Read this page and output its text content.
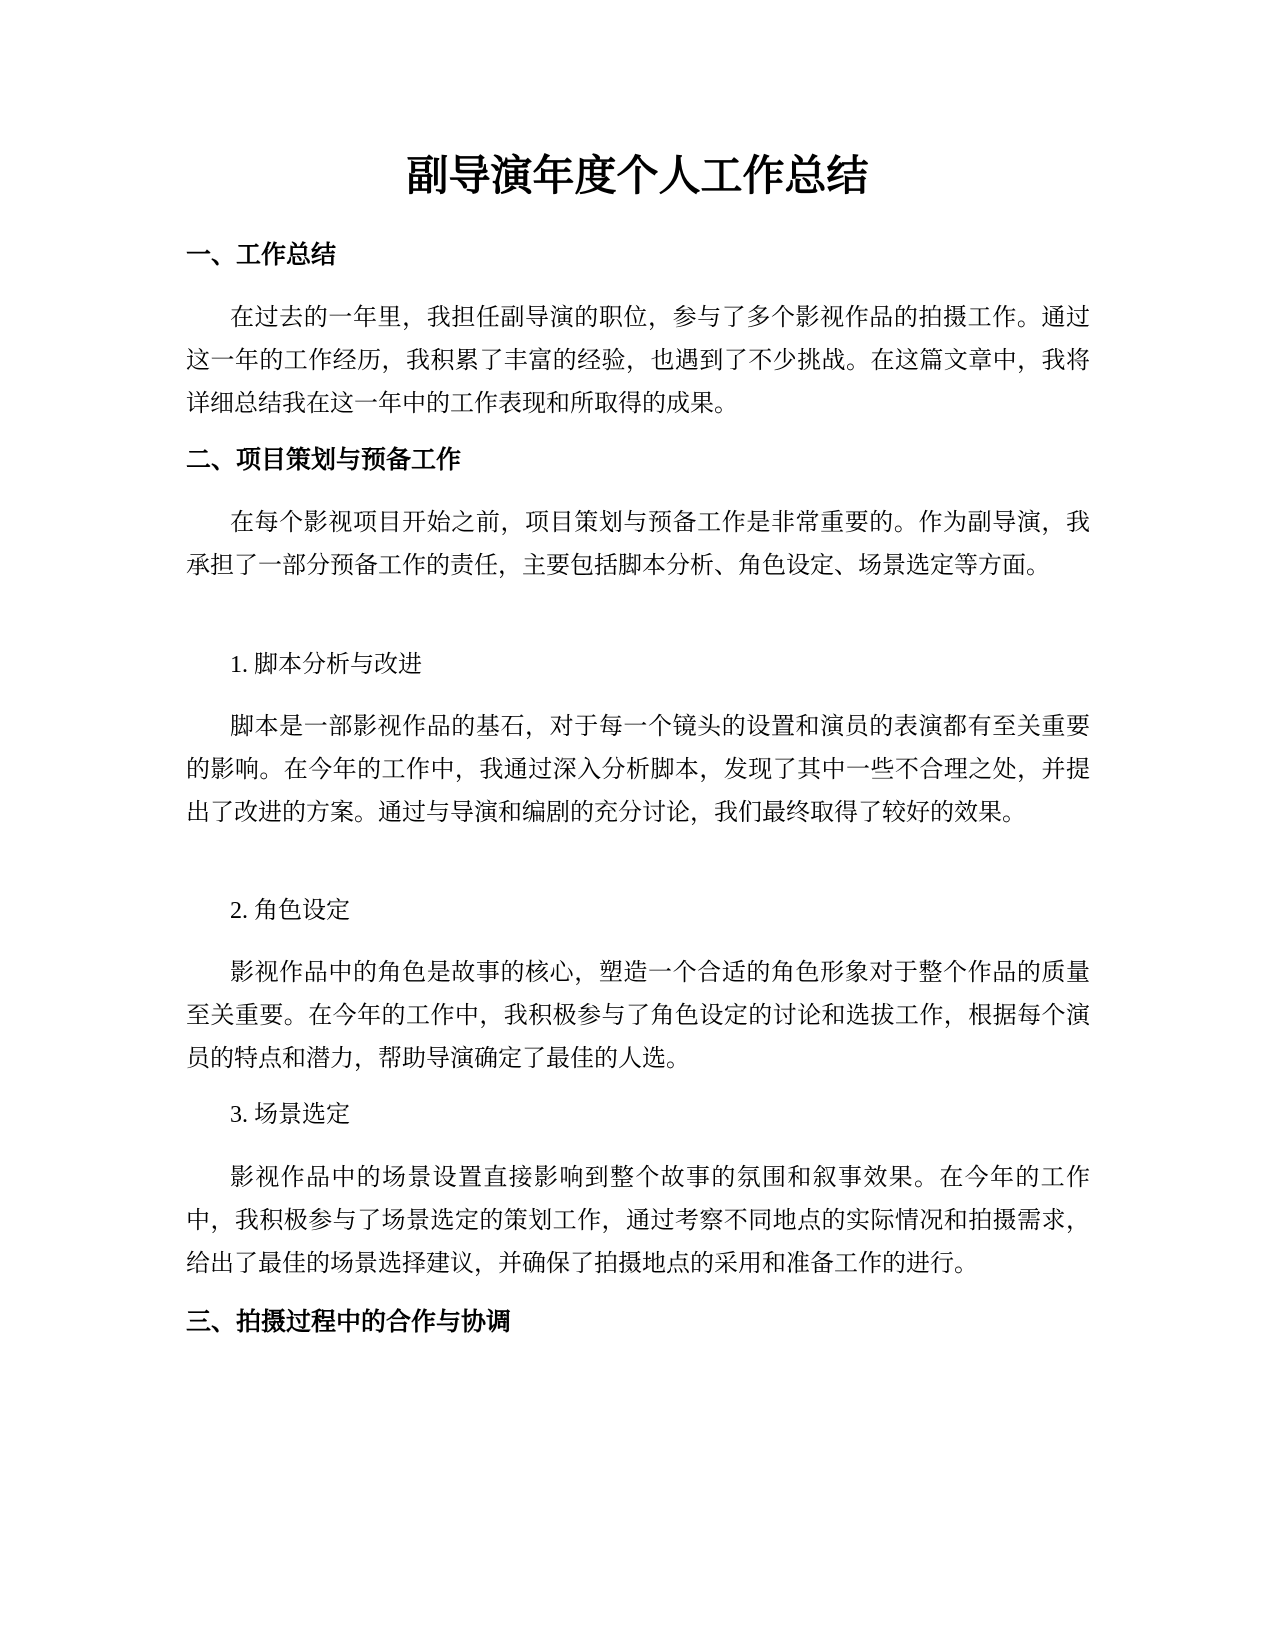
副导演年度个人工作总结
一、工作总结

在过去的一年里，我担任副导演的职位，参与了多个影视作品的拍摄工作。通过这一年的工作经历，我积累了丰富的经验，也遇到了不少挑战。在这篇文章中，我将详细总结我在这一年中的工作表现和所取得的成果。

二、项目策划与预备工作

在每个影视项目开始之前，项目策划与预备工作是非常重要的。作为副导演，我承担了一部分预备工作的责任，主要包括脚本分析、角色设定、场景选定等方面。

1. 脚本分析与改进

脚本是一部影视作品的基石，对于每一个镜头的设置和演员的表演都有至关重要的影响。在今年的工作中，我通过深入分析脚本，发现了其中一些不合理之处，并提出了改进的方案。通过与导演和编剧的充分讨论，我们最终取得了较好的效果。

2. 角色设定

影视作品中的角色是故事的核心，塑造一个合适的角色形象对于整个作品的质量至关重要。在今年的工作中，我积极参与了角色设定的讨论和选拔工作，根据每个演员的特点和潜力，帮助导演确定了最佳的人选。

3. 场景选定

影视作品中的场景设置直接影响到整个故事的氛围和叙事效果。在今年的工作中，我积极参与了场景选定的策划工作，通过考察不同地点的实际情况和拍摄需求，给出了最佳的场景选择建议，并确保了拍摄地点的采用和准备工作的进行。

三、拍摄过程中的合作与协调
